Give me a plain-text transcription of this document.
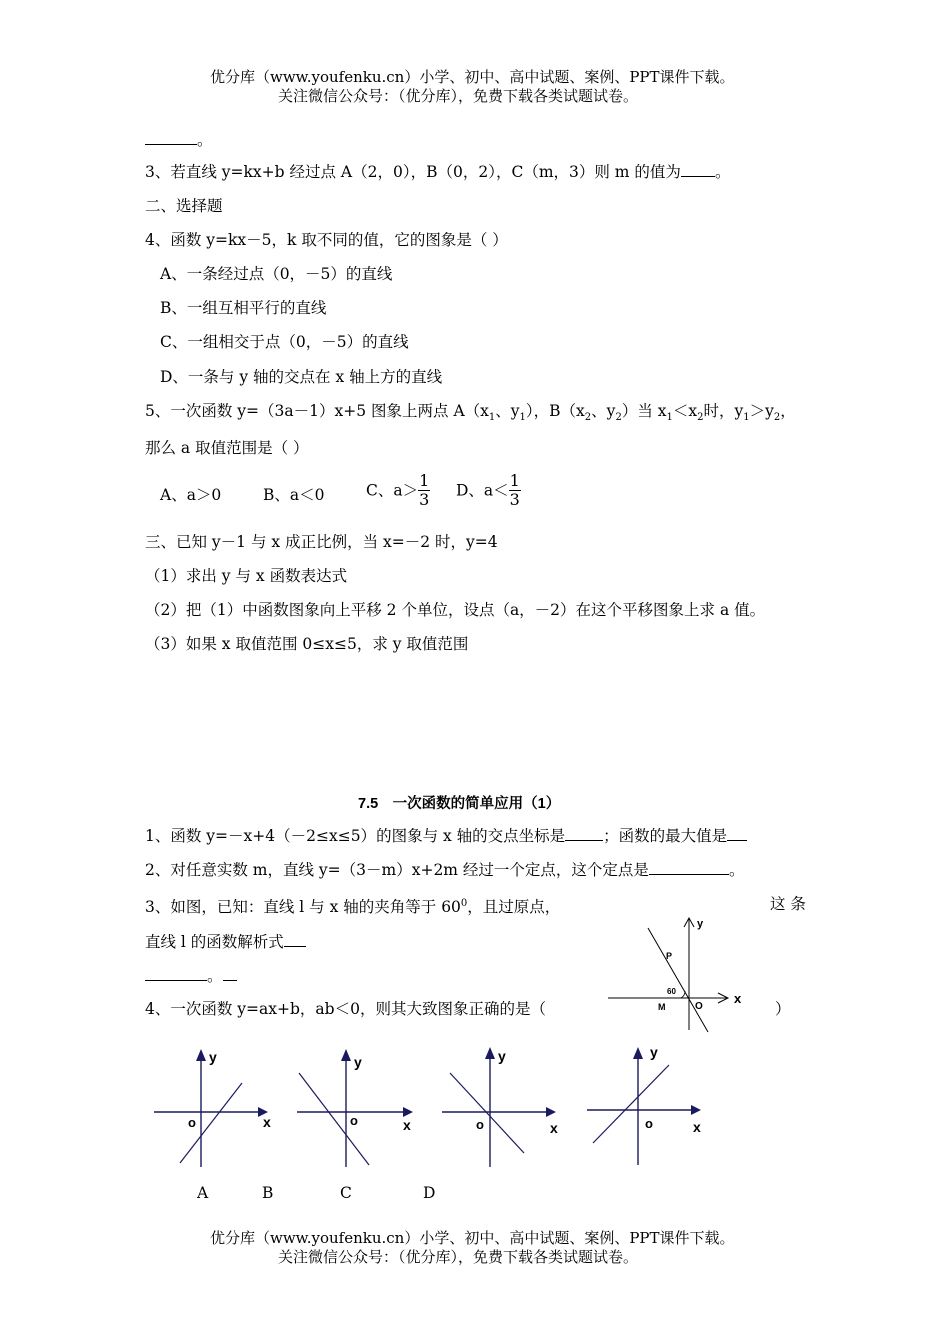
优分库（www.youfenku.cn）小学、初中、高中试题、案例、PPT课件下载。
关注微信公众号：（优分库），免费下载各类试题试卷。
。
3、若直线 y=kx+b 经过点 A（2，0），B（0，2），C（m，3）则 m 的值为 。
二、选择题
4、函数 y=kx－5，k 取不同的值，它的图象是（ ）
A、一条经过点（0，－5）的直线
B、一组互相平行的直线
C、一组相交于点（0，－5）的直线
D、一条与 y 轴的交点在 x 轴上方的直线
5、一次函数 y=（3a－1）x+5 图象上两点 $A(x_1$、$y_1$），$B(x_2$、$y_2$）当 $x_1<x_2$时，$y_1>y_2$，
那么 a 取值范围是（ ）
A、a＞0	B、a＜0	C、$a> \frac{1}{3}$ D、$a< \frac{1}{3}$
三、已知 y－1 与 x 成正比例，当 x=－2 时，y=4
（1）求出 y 与 x 函数表达式
（2）把（1）中函数图象向上平移 2 个单位，设点（a，－2）在这个平移图象上求 a 值。
（3）如果 x 取值范围 0≤x≤5，求 y 取值范围
7.5　一次函数的简单应用（1）
1、函数 y=－x+4（－2≤x≤5）的图象与 x 轴的交点坐标是 ；函数的最大值是
2、对任意实数 m，直线 y=（3－m）x+2m 经过一个定点，这个定点是	。
3、如图，已知：直线 l 与 x 轴的夹角等于 $60^0$，且过原点，	这 条
直线 l 的函数解析式
。
4、一次函数 y=ax+b，ab＜0，则其大致图象正确的是（	）
y
x
O
P
M
60
y
x
o
y
x
o
y
x
o
y
x
o
A	B	C	D
优分库（www.youfenku.cn）小学、初中、高中试题、案例、PPT课件下载。
关注微信公众号：（优分库），免费下载各类试题试卷。
